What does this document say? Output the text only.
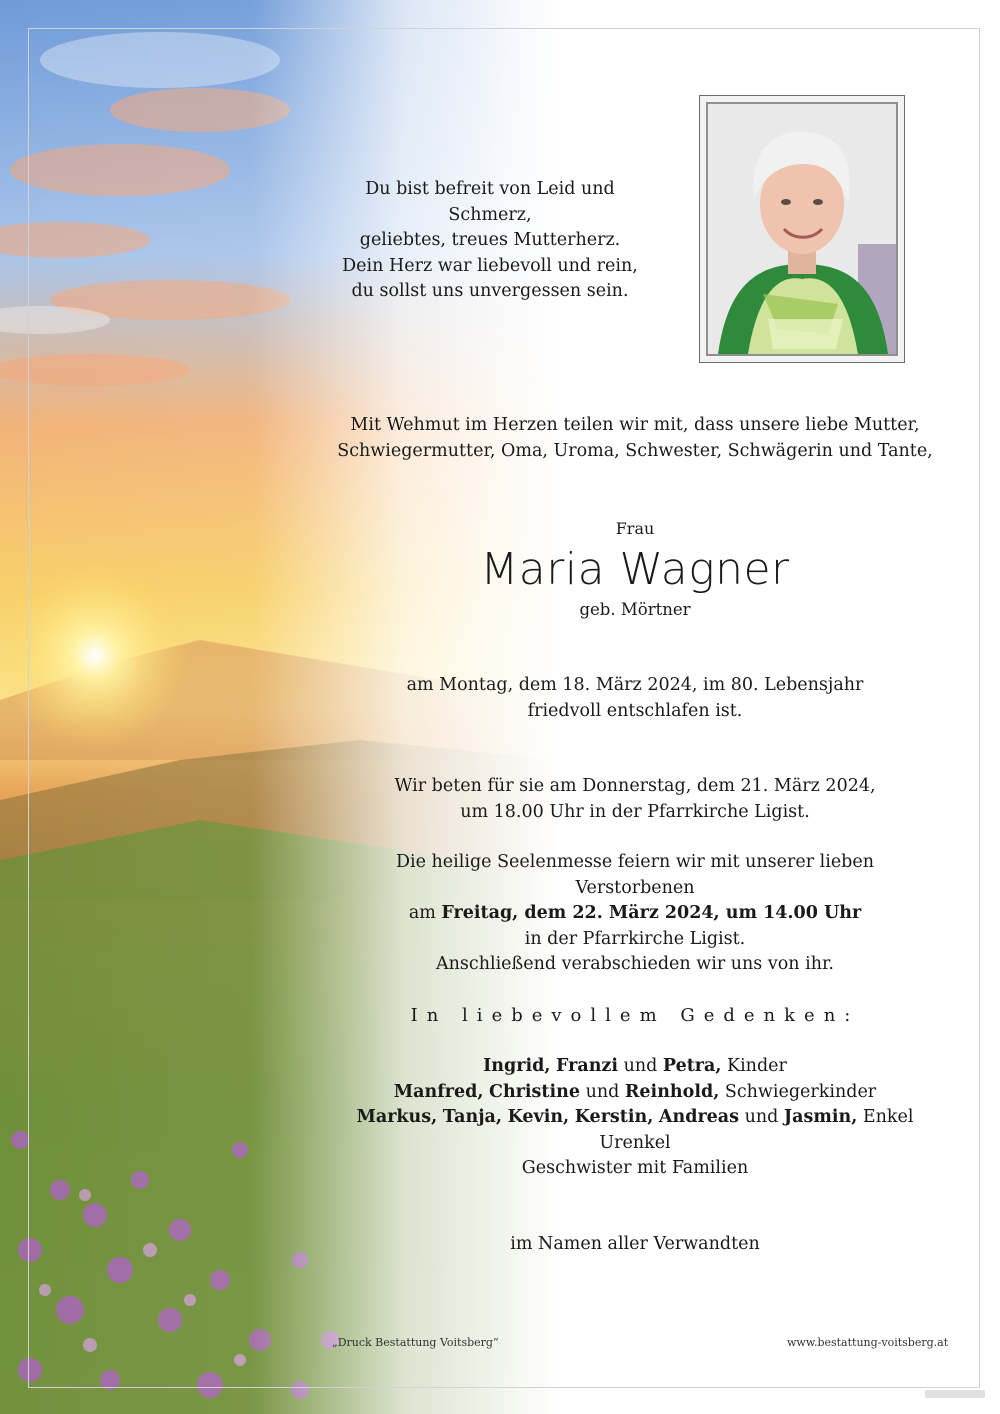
Du bist befreit von Leid und Schmerz,
geliebtes, treues Mutterherz.
Dein Herz war liebevoll und rein,
du sollst uns unvergessen sein.
Mit Wehmut im Herzen teilen wir mit, dass unsere liebe Mutter,
Schwiegermutter, Oma, Uroma, Schwester, Schwägerin und Tante,
Frau
Maria Wagner
geb. Mörtner
am Montag, dem 18. März 2024, im 80. Lebensjahr
friedvoll entschlafen ist.
Wir beten für sie am Donnerstag, dem 21. März 2024,
um 18.00 Uhr in der Pfarrkirche Ligist.
Die heilige Seelenmesse feiern wir mit unserer lieben Verstorbenen
am Freitag, dem 22. März 2024, um 14.00 Uhr
in der Pfarrkirche Ligist.
Anschließend verabschieden wir uns von ihr.
In liebevollem Gedenken:
Ingrid, Franzi und Petra, Kinder
Manfred, Christine und Reinhold, Schwiegerkinder
Markus, Tanja, Kevin, Kerstin, Andreas und Jasmin, Enkel
Urenkel
Geschwister mit Familien
im Namen aller Verwandten
„Druck Bestattung Voitsberg“	www.bestattung-voitsberg.at
